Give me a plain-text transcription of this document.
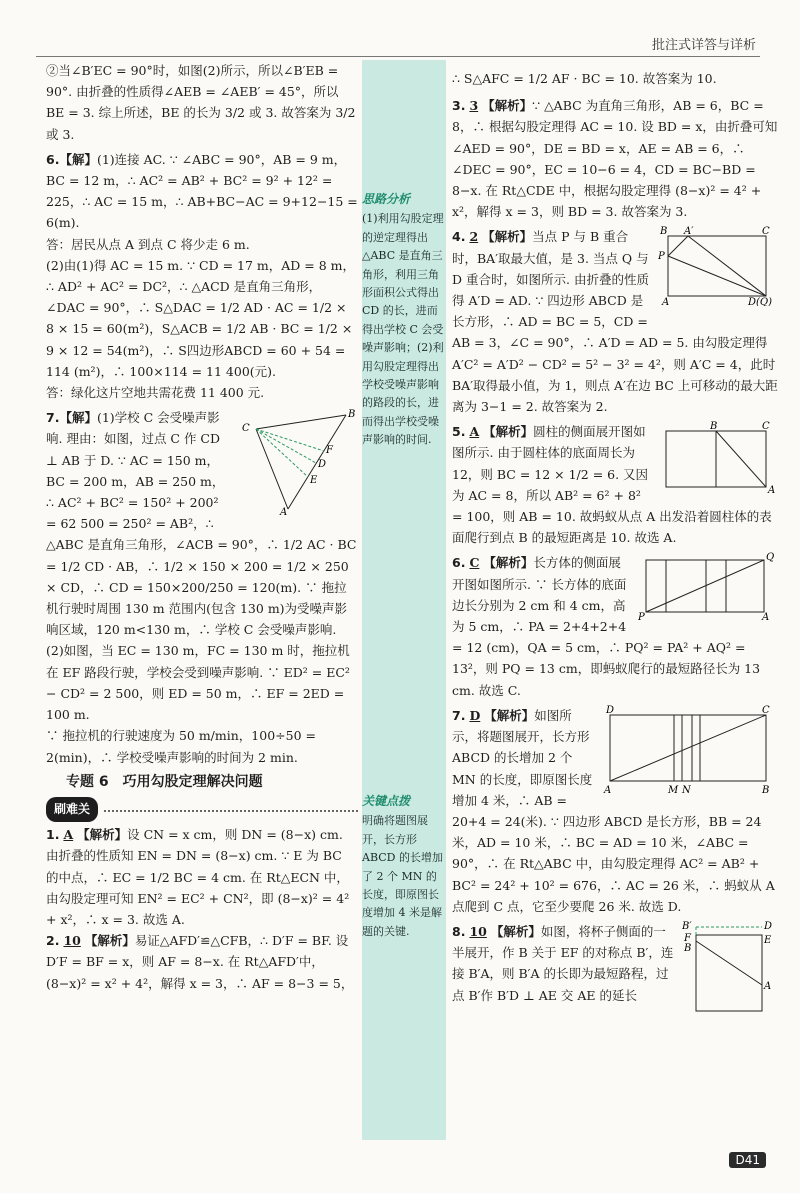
批注式详答与详析

②当∠B′EC = 90°时，如图(2)所示，所以∠B′EB = 90°. 由折叠的性质得∠AEB = ∠AEB′ = 45°，所以 BE = 3. 综上所述，BE 的长为 3/2 或 3. 故答案为 3/2 或 3.

6.【解】(1)连接 AC. ∵ ∠ABC = 90°，AB = 9 m，BC = 12 m，∴ AC² = AB² + BC² = 9² + 12² = 225，∴ AC = 15 m，∴ AB+BC−AC = 9+12−15 = 6(m).

答：居民从点 A 到点 C 将少走 6 m.

(2)由(1)得 AC = 15 m. ∵ CD = 17 m，AD = 8 m，∴ AD² + AC² = DC²，∴ △ACD 是直角三角形，∠DAC = 90°，∴ S△DAC = 1/2 AD · AC = 1/2 × 8 × 15 = 60(m²)，S△ACB = 1/2 AB · BC = 1/2 × 9 × 12 = 54(m²)，∴ S四边形ABCD = 60 + 54 = 114 (m²)，∴ 100×114 = 11 400(元).

答：绿化这片空地共需花费 11 400 元.

C
B
F
D
E
A
7.【解】(1)学校 C 会受噪声影响. 理由：如图，过点 C 作 CD ⊥ AB 于 D. ∵ AC = 150 m，BC = 200 m，AB = 250 m，∴ AC² + BC² = 150² + 200² = 62 500 = 250² = AB²，∴ △ABC 是直角三角形，∠ACB = 90°，∴ 1/2 AC · BC = 1/2 CD · AB，∴ 1/2 × 150 × 200 = 1/2 × 250 × CD，∴ CD = 150×200/250 = 120(m). ∵ 拖拉机行驶时周围 130 m 范围内(包含 130 m)为受噪声影响区域，120 m<130 m，∴ 学校 C 会受噪声影响.

(2)如图，当 EC = 130 m，FC = 130 m 时，拖拉机在 EF 路段行驶，学校会受到噪声影响. ∵ ED² = EC² − CD² = 2 500，则 ED = 50 m，∴ EF = 2ED = 100 m.

∵ 拖拉机的行驶速度为 50 m/min，100÷50 = 2(min)，∴ 学校受噪声影响的时间为 2 min.

专题 6　巧用勾股定理解决问题
刷难关

1. A 【解析】设 CN = x cm，则 DN = (8−x) cm. 由折叠的性质知 EN = DN = (8−x) cm. ∵ E 为 BC 的中点，∴ EC = 1/2 BC = 4 cm. 在 Rt△ECN 中，由勾股定理可知 EN² = EC² + CN²，即 (8−x)² = 4² + x²，∴ x = 3. 故选 A.

2. 10 【解析】易证△AFD′≌△CFB，∴ D′F = BF. 设 D′F = BF = x，则 AF = 8−x. 在 Rt△AFD′中，(8−x)² = x² + 4²，解得 x = 3，∴ AF = 8−3 = 5，

思路分析
(1)利用勾股定理的逆定理得出△ABC 是直角三角形，利用三角形面积公式得出 CD 的长，进而得出学校 C 会受噪声影响；(2)利用勾股定理得出学校受噪声影响的路段的长，进而得出学校受噪声影响的时间.
关键点拨
明确将题图展开，长方形 ABCD 的长增加了 2 个 MN 的长度，即原图长度增加 4 米是解题的关键.

∴ S△AFC = 1/2 AF · BC = 10. 故答案为 10.

3. 3 【解析】∵ △ABC 为直角三角形，AB = 6，BC = 8，∴ 根据勾股定理得 AC = 10. 设 BD = x，由折叠可知∠AED = 90°，DE = BD = x，AE = AB = 6，∴ ∠DEC = 90°，EC = 10−6 = 4，CD = BC−BD = 8−x. 在 Rt△CDE 中，根据勾股定理得 (8−x)² = 4² + x²，解得 x = 3，则 BD = 3. 故答案为 3.

B A′	C
P
A	D(Q)
4. 2 【解析】当点 P 与 B 重合时，BA′取最大值，是 3. 当点 Q 与 D 重合时，如图所示. 由折叠的性质得 A′D = AD. ∵ 四边形 ABCD 是长方形，∴ AD = BC = 5，CD = AB = 3，∠C = 90°，∴ A′D = AD = 5. 由勾股定理得 A′C² = A′D² − CD² = 5² − 3² = 4²，则 A′C = 4，此时 BA′取得最小值，为 1，则点 A′在边 BC 上可移动的最大距离为 3−1 = 2. 故答案为 2.
B	C
A
5. A 【解析】圆柱的侧面展开图如图所示. 由于圆柱体的底面周长为 12，则 BC = 12 × 1/2 = 6. 又因为 AC = 8，所以 AB² = 6² + 8² = 100，则 AB = 10. 故蚂蚁从点 A 出发沿着圆柱体的表面爬行到点 B 的最短距离是 10. 故选 A.
Q
P	A
6. C 【解析】长方体的侧面展开图如图所示. ∵ 长方体的底面边长分别为 2 cm 和 4 cm，高为 5 cm，∴ PA = 2+4+2+4 = 12 (cm)，QA = 5 cm，∴ PQ² = PA² + AQ² = 13²，则 PQ = 13 cm，即蚂蚁爬行的最短路径长为 13 cm. 故选 C.
D	C
A	M N	B
7. D 【解析】如图所示，将题图展开，长方形 ABCD 的长增加 2 个 MN 的长度，即原图长度增加 4 米，∴ AB = 20+4 = 24(米). ∵ 四边形 ABCD 是长方形，BB = 24 米，AD = 10 米，∴ BC = AD = 10 米，∠ABC = 90°，∴ 在 Rt△ABC 中，由勾股定理得 AC² = AB² + BC² = 24² + 10² = 676，∴ AC = 26 米，∴ 蚂蚁从 A 点爬到 C 点，它至少要爬 26 米. 故选 D.
B′	D
F	E
B
A
8. 10 【解析】如图，将杯子侧面的一半展开，作 B 关于 EF 的对称点 B′，连接 B′A，则 B′A 的长即为最短路程，过点 B′作 B′D ⊥ AE 交 AE 的延长
D41
